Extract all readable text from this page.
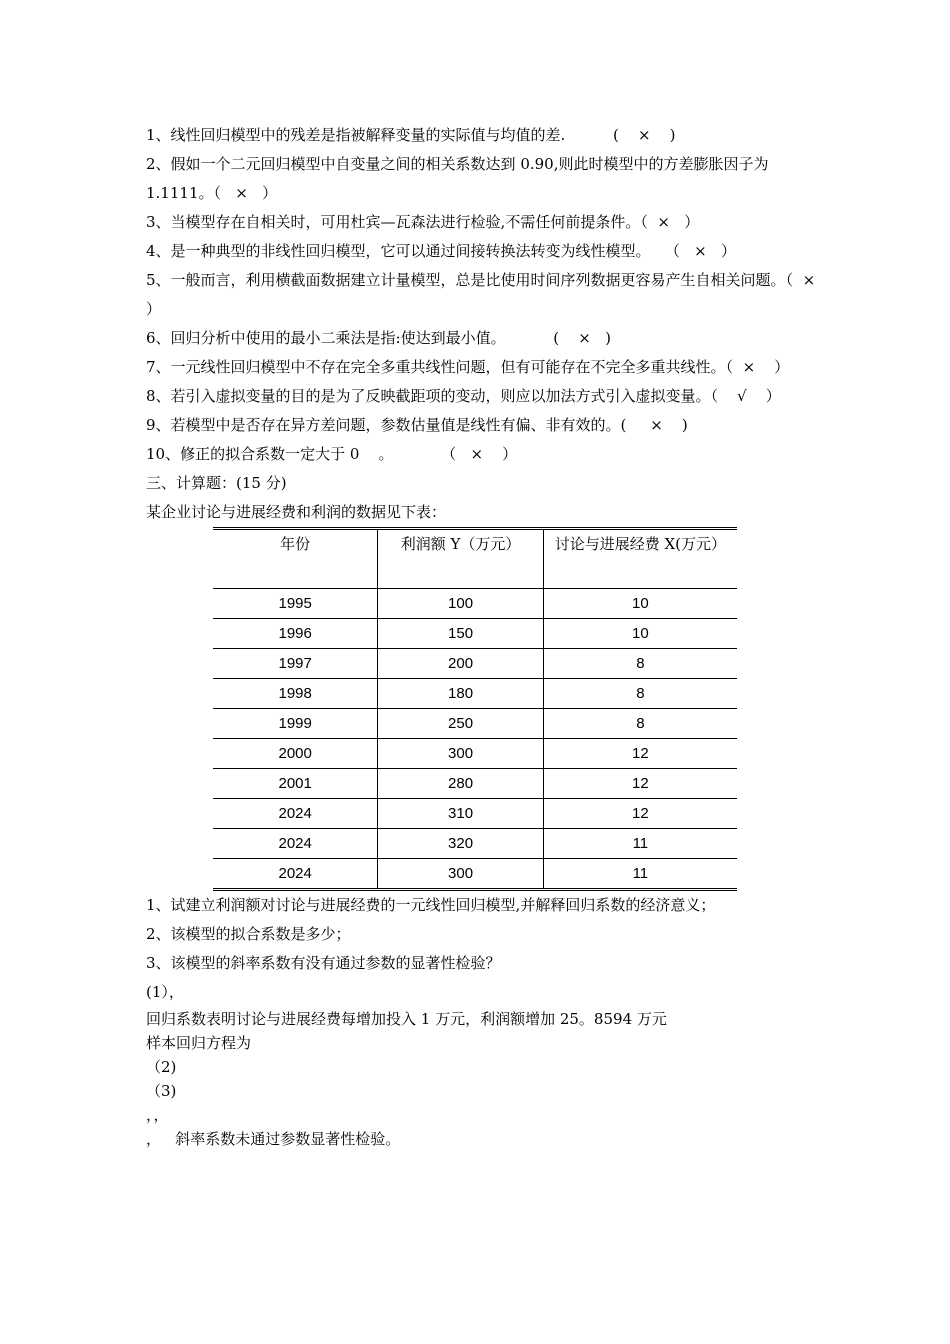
1、线性回归模型中的残差是指被解释变量的实际值与均值的差.	(    ×    )

2、假如一个二元回归模型中自变量之间的相关系数达到 0.90,则此时模型中的方差膨胀因子为 1.1111。（   ×   ）

3、当模型存在自相关时，可用杜宾—瓦森法进行检验,不需任何前提条件。（  ×   ）

4、是一种典型的非线性回归模型，它可以通过间接转换法转变为线性模型。 （   ×   ）

5、一般而言，利用横截面数据建立计量模型，总是比使用时间序列数据更容易产生自相关问题。（  ×   ）

6、回归分析中使用的最小二乘法是指:使达到最小值。	(    ×   )

7、一元线性回归模型中不存在完全多重共线性问题，但有可能存在不完全多重共线性。（  ×    ）

8、若引入虚拟变量的目的是为了反映截距项的变动，则应以加法方式引入虚拟变量。（    √    ）

9、若模型中是否存在异方差问题，参数估量值是线性有偏、非有效的。(     ×    )

10、修正的拟合系数一定大于 0    。	（   ×    ）

三、计算题：(15 分)

某企业讨论与进展经费和利润的数据见下表：

年份	利润额 Y（万元）	讨论与进展经费 X(万元）
1995	100	10
1996	150	10
1997	200	8
1998	180	8
1999	250	8
2000	300	12
2001	280	12
2024	310	12
2024	320	11
2024	300	11

1、试建立利润额对讨论与进展经费的一元线性回归模型,并解释回归系数的经济意义；

2、该模型的拟合系数是多少；

3、该模型的斜率系数有没有通过参数的显著性检验？

(1），

回归系数表明讨论与进展经费每增加投入 1 万元，利润额增加 25。8594 万元

样本回归方程为

（2)

（3)

，，

，   斜率系数未通过参数显著性检验。
